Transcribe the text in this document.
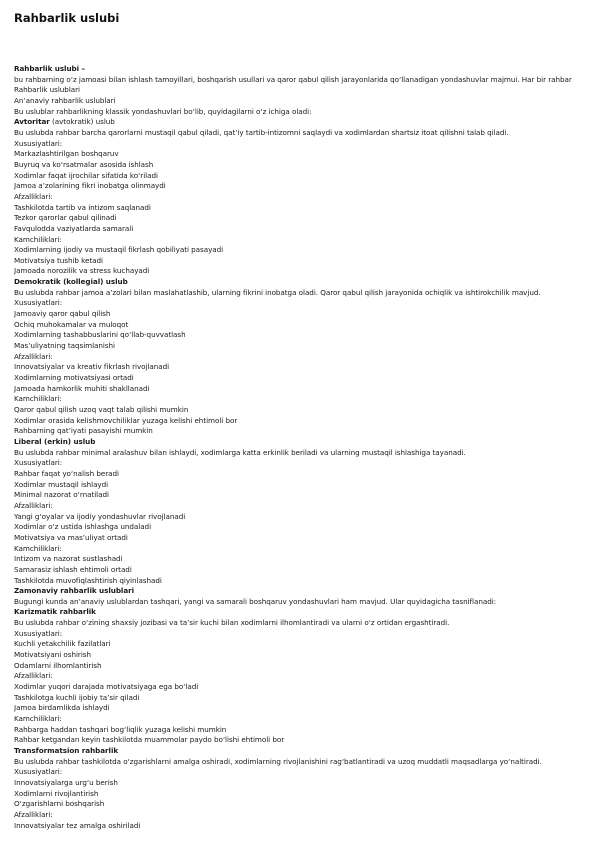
Rahbarlik uslubi
Rahbarlik uslubi –
bu rahbarning o‘z jamoasi bilan ishlash tamoyillari, boshqarish usullari va qaror qabul qilish jarayonlarida qo‘llanadigan yondashuvlar majmui. Har bir rahbar
Rahbarlik uslublari
An’anaviy rahbarlik uslublari
Bu uslublar rahbarlikning klassik yondashuvlari bo‘lib, quyidagilarni o‘z ichiga oladi:
Avtoritar (avtokratik) uslub
Bu uslubda rahbar barcha qarorlarni mustaqil qabul qiladi, qat’iy tartib-intizomni saqlaydi va xodimlardan shartsiz itoat qilishni talab qiladi.
Xususiyatlari:
Markazlashtirilgan boshqaruv
Buyruq va ko‘rsatmalar asosida ishlash
Xodimlar faqat ijrochilar sifatida ko‘riladi
Jamoa a’zolarining fikri inobatga olinmaydi
Afzalliklari:
Tashkilotda tartib va intizom saqlanadi
Tezkor qarorlar qabul qilinadi
Favqulodda vaziyatlarda samarali
Kamchiliklari:
Xodimlarning ijodiy va mustaqil fikrlash qobiliyati pasayadi
Motivatsiya tushib ketadi
Jamoada norozilik va stress kuchayadi
Demokratik (kollegial) uslub
Bu uslubda rahbar jamoa a’zolari bilan maslahatlashib, ularning fikrini inobatga oladi. Qaror qabul qilish jarayonida ochiqlik va ishtirokchilik mavjud.
Xususiyatlari:
Jamoaviy qaror qabul qilish
Ochiq muhokamalar va muloqot
Xodimlarning tashabbuslarini qo‘llab-quvvatlash
Mas’uliyatning taqsimlanishi
Afzalliklari:
Innovatsiyalar va kreativ fikrlash rivojlanadi
Xodimlarning motivatsiyasi ortadi
Jamoada hamkorlik muhiti shakllanadi
Kamchiliklari:
Qaror qabul qilish uzoq vaqt talab qilishi mumkin
Xodimlar orasida kelishmovchiliklar yuzaga kelishi ehtimoli bor
Rahbarning qat’iyati pasayishi mumkin
Liberal (erkin) uslub
Bu uslubda rahbar minimal aralashuv bilan ishlaydi, xodimlarga katta erkinlik beriladi va ularning mustaqil ishlashiga tayanadi.
Xususiyatlari:
Rahbar faqat yo‘nalish beradi
Xodimlar mustaqil ishlaydi
Minimal nazorat o‘rnatiladi
Afzalliklari:
Yangi g‘oyalar va ijodiy yondashuvlar rivojlanadi
Xodimlar o‘z ustida ishlashga undaladi
Motivatsiya va mas’uliyat ortadi
Kamchiliklari:
Intizom va nazorat sustlashadi
Samarasiz ishlash ehtimoli ortadi
Tashkilotda muvofiqlashtirish qiyinlashadi
Zamonaviy rahbarlik uslublari
Bugungi kunda an’anaviy uslublardan tashqari, yangi va samarali boshqaruv yondashuvlari ham mavjud. Ular quyidagicha tasniflanadi:
Karizmatik rahbarlik
Bu uslubda rahbar o‘zining shaxsiy jozibasi va ta’sir kuchi bilan xodimlarni ilhomlantiradi va ularni o‘z ortidan ergashtiradi.
Xususiyatlari:
Kuchli yetakchilik fazilatlari
Motivatsiyani oshirish
Odamlarni ilhomlantirish
Afzalliklari:
Xodimlar yuqori darajada motivatsiyaga ega bo‘ladi
Tashkilotga kuchli ijobiy ta’sir qiladi
Jamoa birdamlikda ishlaydi
Kamchiliklari:
Rahbarga haddan tashqari bog‘liqlik yuzaga kelishi mumkin
Rahbar ketgandan keyin tashkilotda muammolar paydo bo‘lishi ehtimoli bor
Transformatsion rahbarlik
Bu uslubda rahbar tashkilotda o‘zgarishlarni amalga oshiradi, xodimlarning rivojlanishini rag‘batlantiradi va uzoq muddatli maqsadlarga yo‘naltiradi.
Xususiyatlari:
Innovatsiyalarga urg‘u berish
Xodimlarni rivojlantirish
O‘zgarishlarni boshqarish
Afzalliklari:
Innovatsiyalar tez amalga oshiriladi
